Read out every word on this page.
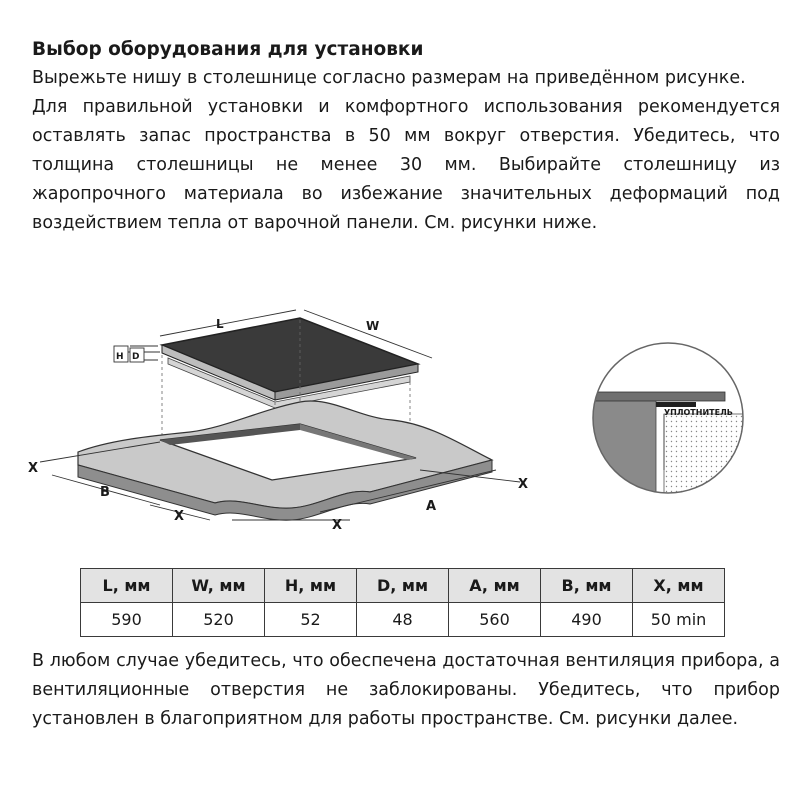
Выбор оборудования для установки

Вырежьте нишу в столешнице согласно размерам на приведённом рисунке.

Для правильной установки и комфортного использования рекомендуется оставлять запас пространства в 50 мм вокруг отверстия. Убедитесь, что толщина столешницы не менее 30 мм. Выбирайте столешницу из жаропрочного материала во избежание значительных деформаций под воздействием тепла от варочной панели. См. рисунки ниже.

L	W
H D
X
B
X
X
A
X
УПЛОТНИТЕЛЬ
L, мм	W, мм	H, мм	D, мм	A, мм	B, мм	X, мм
590	520	52	48	560	490	50 min

В любом случае убедитесь, что обеспечена достаточная вентиляция прибора, а вентиляционные отверстия не заблокированы. Убедитесь, что прибор установлен в благоприятном для работы пространстве. См. рисунки далее.
